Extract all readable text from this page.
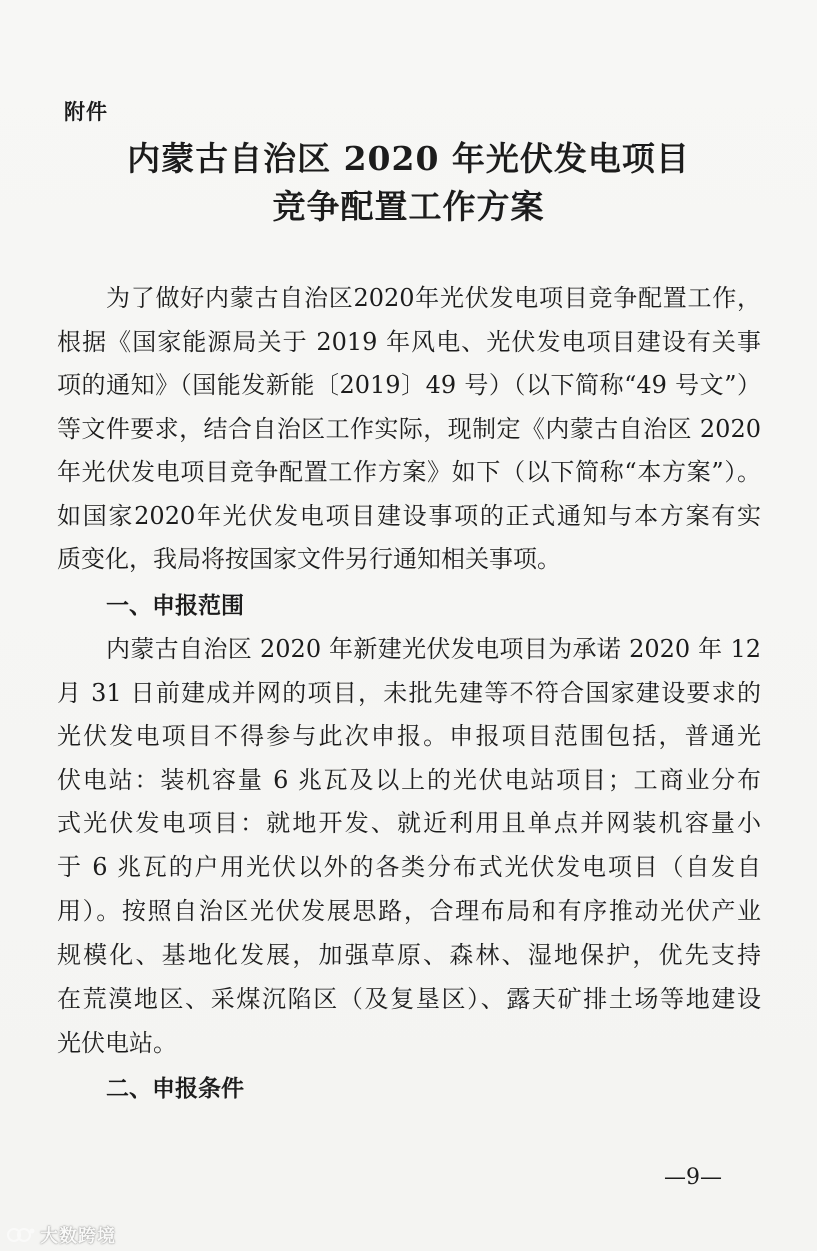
附件
内蒙古自治区 2020 年光伏发电项目
竞争配置工作方案
为了做好内蒙古自治区2020年光伏发电项目竞争配置工作，
根据《国家能源局关于 2019 年风电、光伏发电项目建设有关事
项的通知》（国能发新能〔2019〕49 号）（以下简称“49 号文”）
等文件要求，结合自治区工作实际，现制定《内蒙古自治区 2020
年光伏发电项目竞争配置工作方案》如下（以下简称“本方案”）。
如国家2020年光伏发电项目建设事项的正式通知与本方案有实
质变化，我局将按国家文件另行通知相关事项。
一、申报范围
内蒙古自治区 2020 年新建光伏发电项目为承诺 2020 年 12
月 31 日前建成并网的项目，未批先建等不符合国家建设要求的
光伏发电项目不得参与此次申报。申报项目范围包括，普通光
伏电站：装机容量 6 兆瓦及以上的光伏电站项目；工商业分布
式光伏发电项目：就地开发、就近利用且单点并网装机容量小
于 6 兆瓦的户用光伏以外的各类分布式光伏发电项目（自发自
用）。按照自治区光伏发展思路，合理布局和有序推动光伏产业
规模化、基地化发展，加强草原、森林、湿地保护，优先支持
在荒漠地区、采煤沉陷区（及复垦区）、露天矿排土场等地建设
光伏电站。
二、申报条件
—9—
大数跨境
